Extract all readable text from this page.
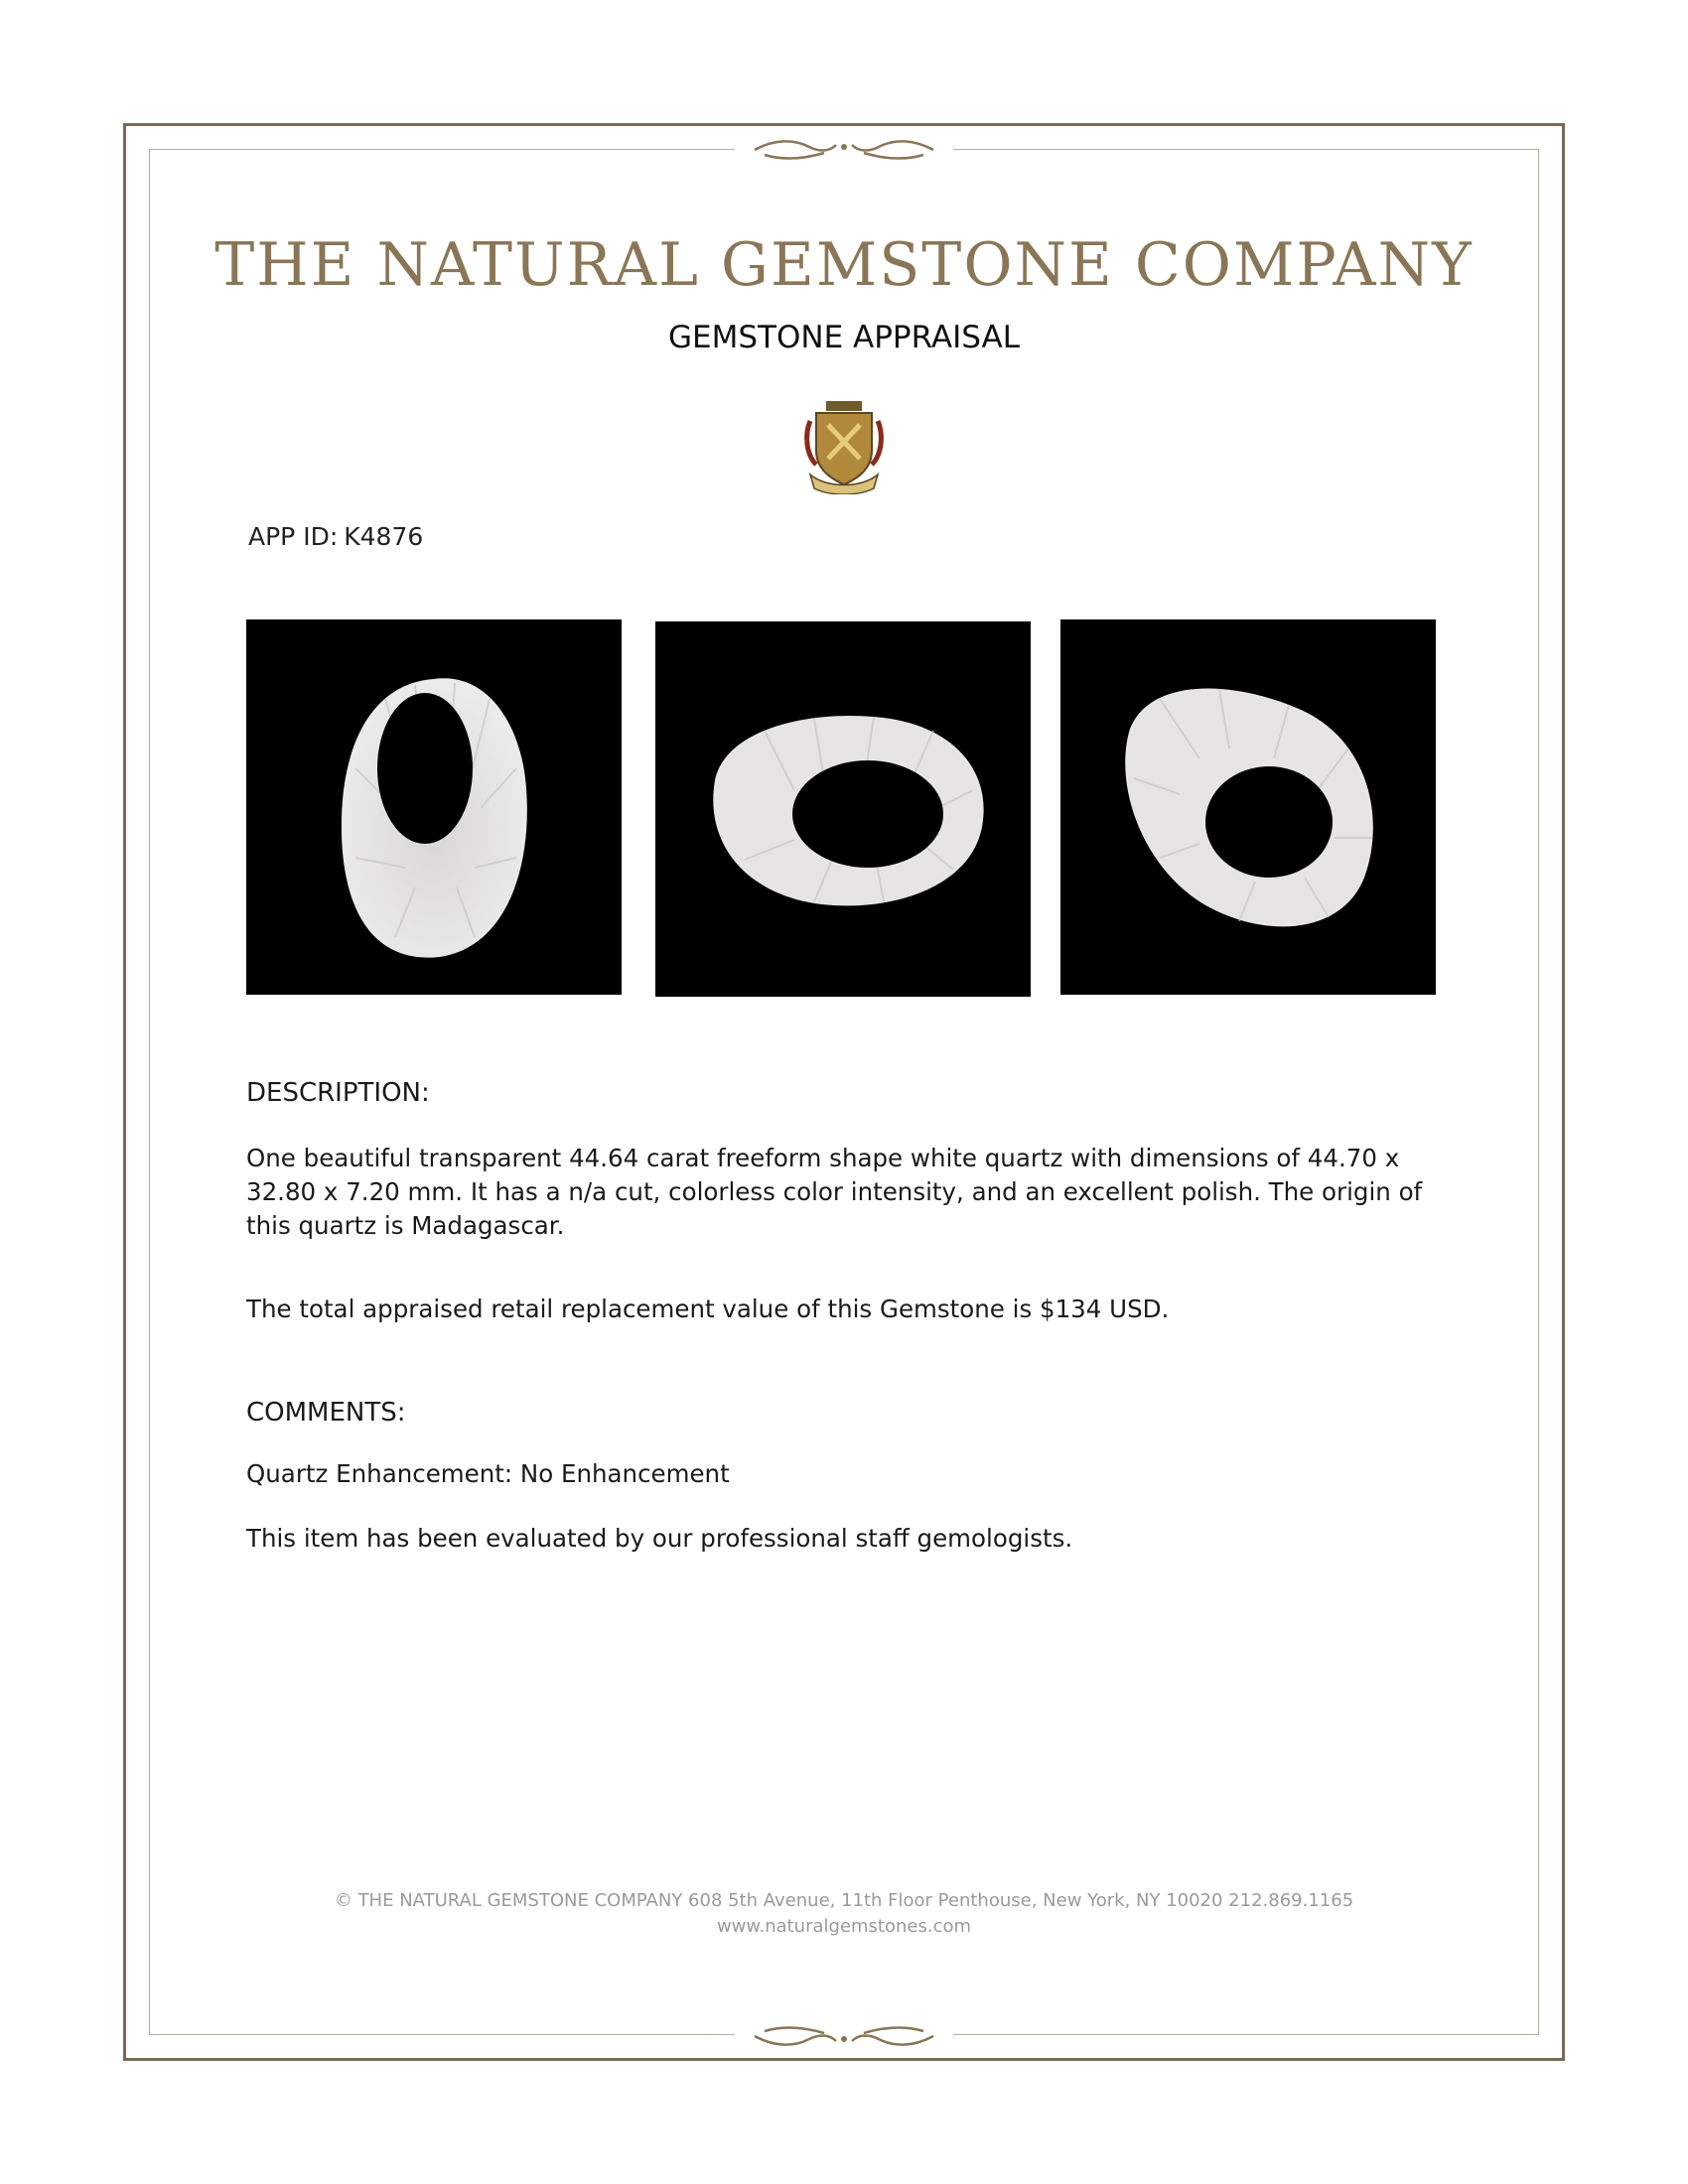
THE NATURAL GEMSTONE COMPANY
GEMSTONE APPRAISAL
APP ID: K4876
DESCRIPTION:
One beautiful transparent 44.64 carat freeform shape white quartz with dimensions of 44.70 x 32.80 x 7.20 mm. It has a n/a cut, colorless color intensity, and an excellent polish. The origin of this quartz is Madagascar.
The total appraised retail replacement value of this Gemstone is $134 USD.
COMMENTS:
Quartz Enhancement: No Enhancement
This item has been evaluated by our professional staff gemologists.
© THE NATURAL GEMSTONE COMPANY 608 5th Avenue, 11th Floor Penthouse, New York, NY 10020 212.869.1165
www.naturalgemstones.com
